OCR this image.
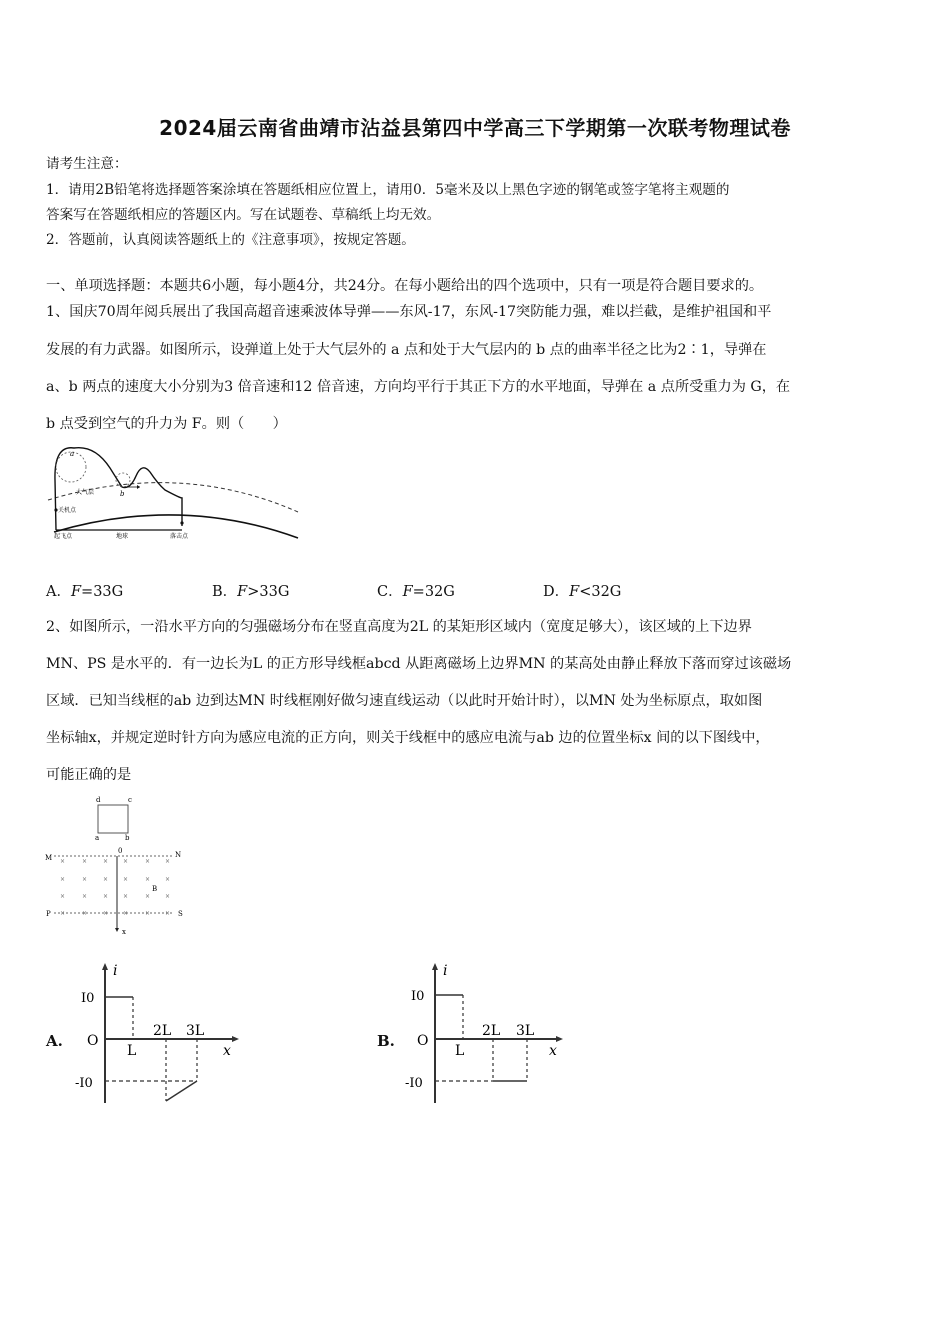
2024届云南省曲靖市沾益县第四中学高三下学期第一次联考物理试卷
请考生注意：
1．请用2B铅笔将选择题答案涂填在答题纸相应位置上，请用0．5毫米及以上黑色字迹的钢笔或签字笔将主观题的
答案写在答题纸相应的答题区内。写在试题卷、草稿纸上均无效。
2．答题前，认真阅读答题纸上的《注意事项》，按规定答题。
一、单项选择题：本题共6小题，每小题4分，共24分。在每小题给出的四个选项中，只有一项是符合题目要求的。
1、国庆70周年阅兵展出了我国高超音速乘波体导弹——东风-17，东风-17突防能力强，难以拦截，是维护祖国和平
发展的有力武器。如图所示，设弹道上处于大气层外的 a 点和处于大气层内的 b 点的曲率半径之比为2∶1，导弹在
a、b 两点的速度大小分别为3 倍音速和12 倍音速，方向均平行于其正下方的水平地面，导弹在 a 点所受重力为 G，在
b 点受到空气的升力为 F。则（　　）
a
b
大气层
关机点
起飞点	地球	落击点
A．F=33G	B．F>33G	C．F=32G	D．F<32G
2、如图所示，一沿水平方向的匀强磁场分布在竖直高度为2L 的某矩形区域内（宽度足够大），该区域的上下边界
MN、PS 是水平的．有一边长为L 的正方形导线框abcd 从距离磁场上边界MN 的某高处由静止释放下落而穿过该磁场
区域．已知当线框的ab 边到达MN 时线框刚好做匀速直线运动（以此时开始计时），以MN 处为坐标原点，取如图
坐标轴x，并规定逆时针方向为感应电流的正方向，则关于线框中的感应电流与ab 边的位置坐标x 间的以下图线中，
可能正确的是
d	c
a	b
0
M	N
P	S
x
B
×	×	× ×	× ×
×	×	× ×	× ×
×	×	× ×	× ×
×	×	× ×	× ×
A.
i
I0
O
-I0
L
2L 3L
x
B.
i
I0
O
-I0
L
2L 3L
x
